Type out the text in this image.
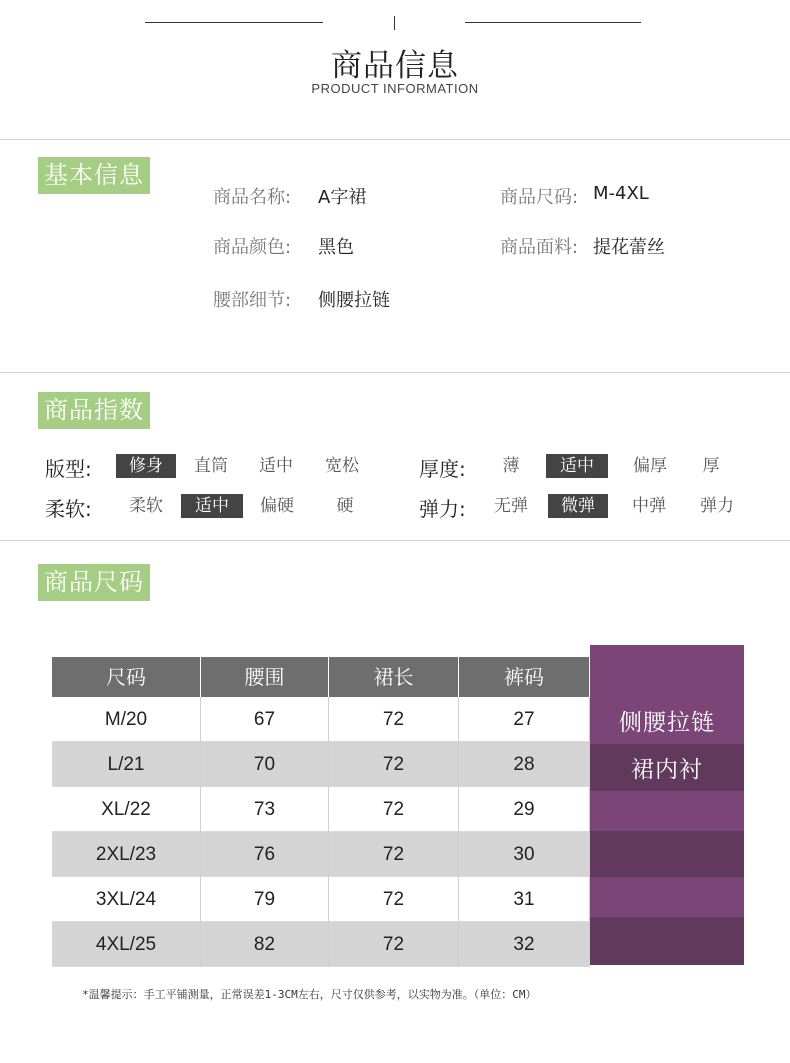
商品信息
PRODUCT INFORMATION
基本信息
商品名称: A字裙	商品尺码: M-4XL
商品颜色: 黑色	商品面料: 提花蕾丝
腰部细节: 侧腰拉链
商品指数
版型:	修身	直筒	适中	宽松	厚度:	薄	适中	偏厚	厚
柔软:	柔软	适中	偏硬	硬	弹力:	无弹	微弹	中弹	弹力
商品尺码
侧腰拉链
裙内衬
尺码	腰围	裙长	裤码
M/20	67	72	27
L/21	70	72	28
XL/22	73	72	29
2XL/23	76	72	30
3XL/24	79	72	31
4XL/25	82	72	32
*温馨提示：手工平铺测量，正常误差1-3CM左右，尺寸仅供参考，以实物为准。（单位：CM）
